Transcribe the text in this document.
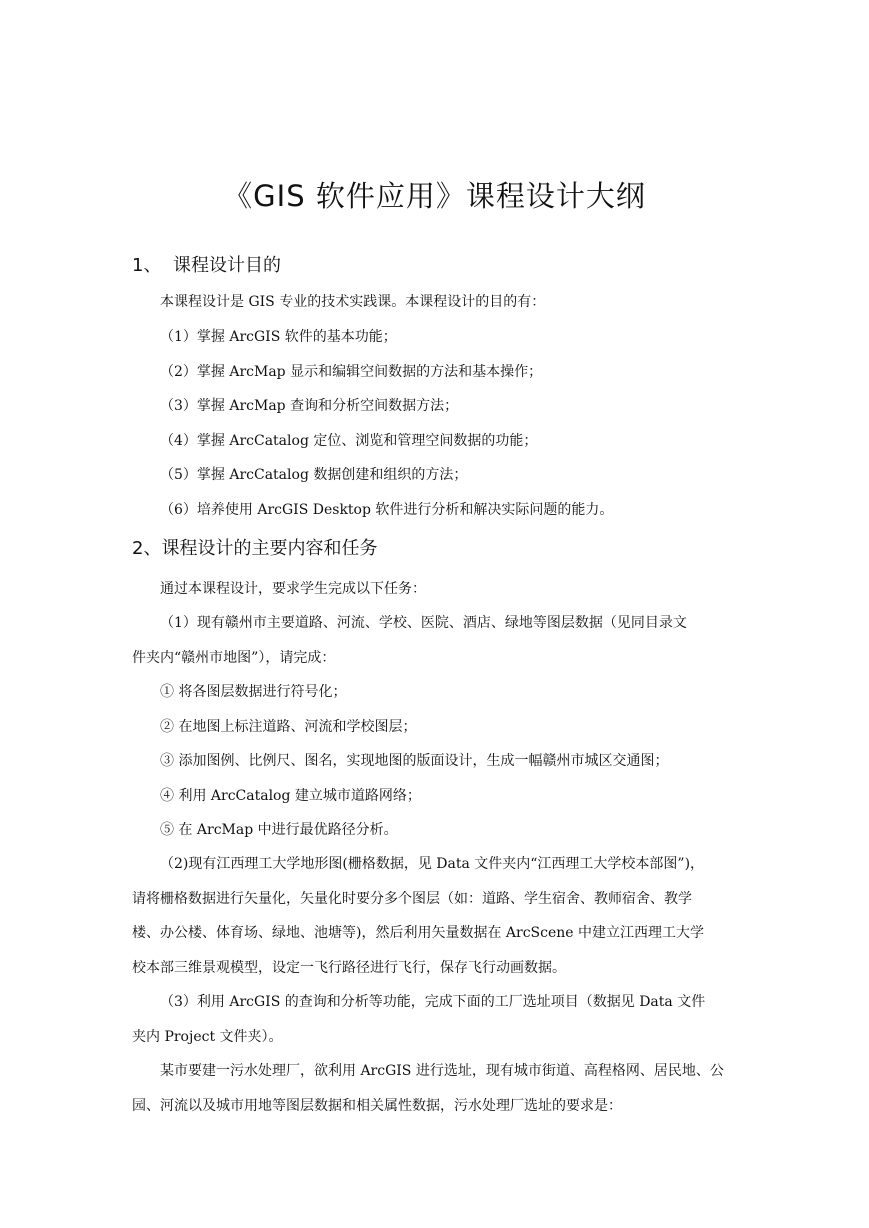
《GIS 软件应用》课程设计大纲
1、 课程设计目的
本课程设计是 GIS 专业的技术实践课。本课程设计的目的有：
（1）掌握 ArcGIS 软件的基本功能；
（2）掌握 ArcMap 显示和编辑空间数据的方法和基本操作；
（3）掌握 ArcMap 查询和分析空间数据方法；
（4）掌握 ArcCatalog 定位、浏览和管理空间数据的功能；
（5）掌握 ArcCatalog 数据创建和组织的方法；
（6）培养使用 ArcGIS Desktop 软件进行分析和解决实际问题的能力。
2、课程设计的主要内容和任务
通过本课程设计，要求学生完成以下任务：
（1）现有赣州市主要道路、河流、学校、医院、酒店、绿地等图层数据（见同目录文
件夹内“赣州市地图”），请完成：
① 将各图层数据进行符号化；
② 在地图上标注道路、河流和学校图层；
③ 添加图例、比例尺、图名，实现地图的版面设计，生成一幅赣州市城区交通图；
④ 利用 ArcCatalog 建立城市道路网络；
⑤ 在 ArcMap 中进行最优路径分析。
（2)现有江西理工大学地形图(栅格数据，见 Data 文件夹内“江西理工大学校本部图”)，
请将栅格数据进行矢量化，矢量化时要分多个图层（如：道路、学生宿舍、教师宿舍、教学
楼、办公楼、体育场、绿地、池塘等)，然后利用矢量数据在 ArcScene 中建立江西理工大学
校本部三维景观模型，设定一飞行路径进行飞行，保存飞行动画数据。
（3）利用 ArcGIS 的查询和分析等功能，完成下面的工厂选址项目（数据见 Data 文件
夹内 Project 文件夹）。
某市要建一污水处理厂，欲利用 ArcGIS 进行选址，现有城市街道、高程格网、居民地、公
园、河流以及城市用地等图层数据和相关属性数据，污水处理厂选址的要求是：
